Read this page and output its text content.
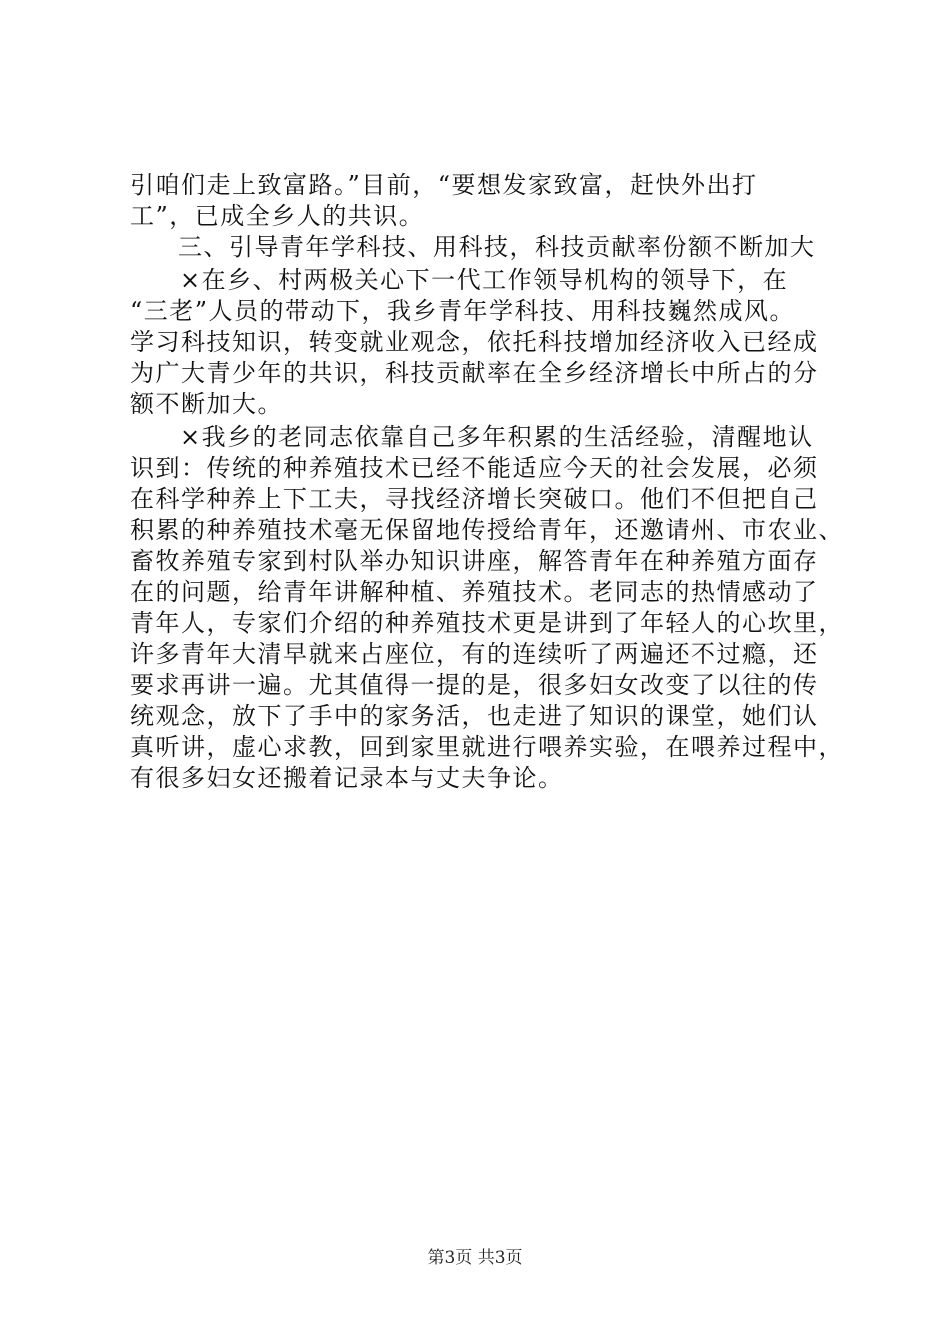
引咱们走上致富路。”目前，“要想发家致富，赶快外出打
工”，已成全乡人的共识。
三、引导青年学科技、用科技，科技贡献率份额不断加大
×在乡、村两极关心下一代工作领导机构的领导下，在
“三老”人员的带动下，我乡青年学科技、用科技巍然成风。
学习科技知识，转变就业观念，依托科技增加经济收入已经成
为广大青少年的共识，科技贡献率在全乡经济增长中所占的分
额不断加大。
×我乡的老同志依靠自己多年积累的生活经验，清醒地认
识到：传统的种养殖技术已经不能适应今天的社会发展，必须
在科学种养上下工夫，寻找经济增长突破口。他们不但把自己
积累的种养殖技术毫无保留地传授给青年，还邀请州、市农业、
畜牧养殖专家到村队举办知识讲座，解答青年在种养殖方面存
在的问题，给青年讲解种植、养殖技术。老同志的热情感动了
青年人，专家们介绍的种养殖技术更是讲到了年轻人的心坎里，
许多青年大清早就来占座位，有的连续听了两遍还不过瘾，还
要求再讲一遍。尤其值得一提的是，很多妇女改变了以往的传
统观念，放下了手中的家务活，也走进了知识的课堂，她们认
真听讲，虚心求教，回到家里就进行喂养实验，在喂养过程中，
有很多妇女还搬着记录本与丈夫争论。
第3页 共3页
